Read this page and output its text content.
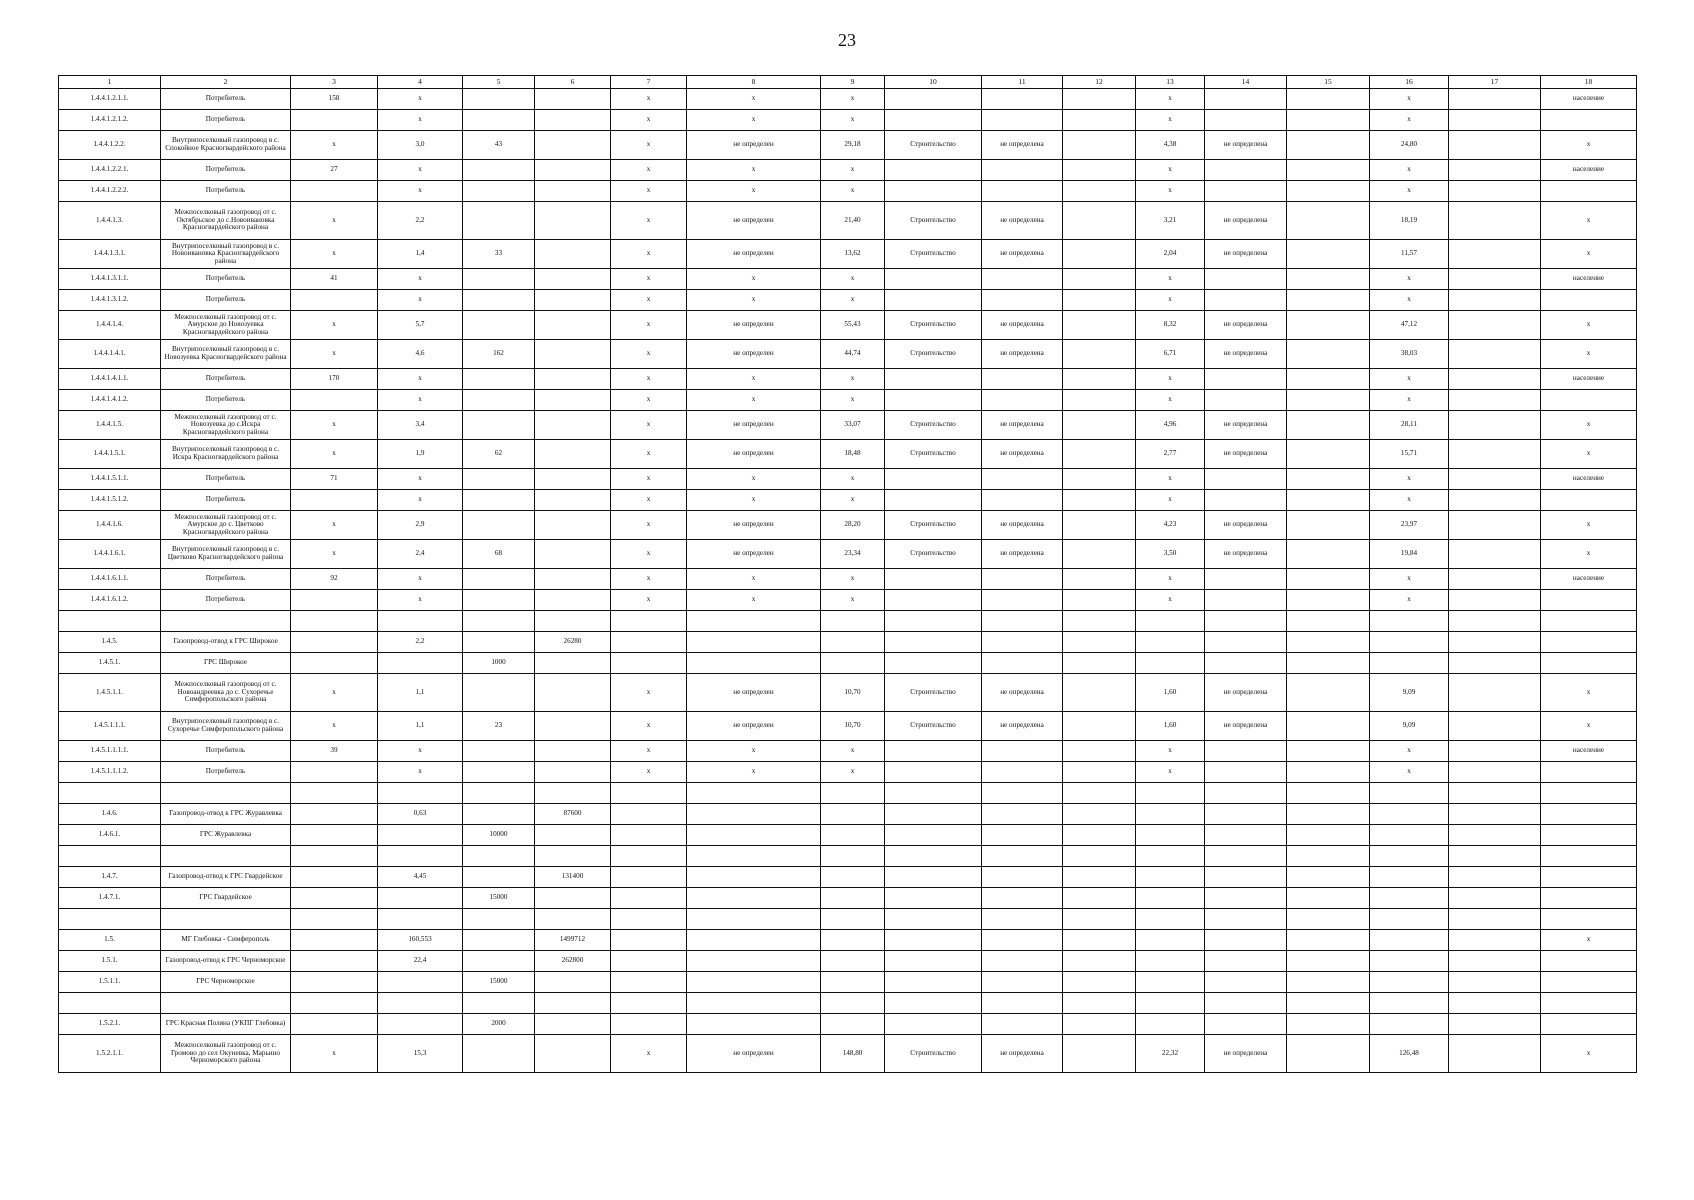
23
1	2	3	4	5	6	7	8	9	10	11	12	13	14	15	16	17	18
1.4.4.1.2.1.1.	Потребитель	158	х			х	х	х				х			х		население
1.4.4.1.2.1.2.	Потребитель		х			х	х	х				х			х		
1.4.4.1.2.2.	Внутрипоселковый газопровод в с. Спокойное Красногвардейского района	х	3,0	43		х	не определен	29,18	Строительство	не определена		4,38	не определена		24,80		х
1.4.4.1.2.2.1.	Потребитель	27	х			х	х	х				х			х		население
1.4.4.1.2.2.2.	Потребитель		х			х	х	х				х			х		
1.4.4.1.3.	Межпоселковый газопровод от с. Октябрьское до с.Новоивановка Красногвардейского района	х	2,2			х	не определен	21,40	Строительство	не определена		3,21	не определена		18,19		х
1.4.4.1.3.1.	Внутрипоселковый газопровод в с. Новоивановка Красногвардейского района	х	1,4	33		х	не определен	13,62	Строительство	не определена		2,04	не определена		11,57		х
1.4.4.1.3.1.1.	Потребитель	41	х			х	х	х				х			х		население
1.4.4.1.3.1.2.	Потребитель		х			х	х	х				х			х		
1.4.4.1.4.	Межпоселковый газопровод от с. Амурское до Новозуевка Красногвардейского района	х	5,7			х	не определен	55,43	Строительство	не определена		8,32	не определена		47,12		х
1.4.4.1.4.1.	Внутрипоселковый газопровод в с. Новозуевка Красногвардейского района	х	4,6	162		х	не определен	44,74	Строительство	не определена		6,71	не определена		38,03		х
1.4.4.1.4.1.1.	Потребитель	170	х			х	х	х				х			х		население
1.4.4.1.4.1.2.	Потребитель		х			х	х	х				х			х		
1.4.4.1.5.	Межпоселковый газопровод от с. Новозуевка до с.Искра Красногвардейского района	х	3,4			х	не определен	33,07	Строительство	не определена		4,96	не определена		28,11		х
1.4.4.1.5.1.	Внутрипоселковый газопровод в с. Искра Красногвардейского района	х	1,9	62		х	не определен	18,48	Строительство	не определена		2,77	не определена		15,71		х
1.4.4.1.5.1.1.	Потребитель	71	х			х	х	х				х			х		население
1.4.4.1.5.1.2.	Потребитель		х			х	х	х				х			х		
1.4.4.1.6.	Межпоселковый газопровод от с. Амурское до с. Цветково Красногвардейского района	х	2,9			х	не определен	28,20	Строительство	не определена		4,23	не определена		23,97		х
1.4.4.1.6.1.	Внутрипоселковый газопровод в с. Цветково Красногвардейского района	х	2,4	68		х	не определен	23,34	Строительство	не определена		3,50	не определена		19,84		х
1.4.4.1.6.1.1.	Потребитель	92	х			х	х	х				х			х		население
1.4.4.1.6.1.2.	Потребитель		х			х	х	х				х			х		

1.4.5.	Газопровод-отвод к ГРС Широкое		2,2		26280												
1.4.5.1.	ГРС Широкое			1000													
1.4.5.1.1.	Межпоселковый газопровод от с. Новоандреевка до с. Сухоречье Симферопольского района	х	1,1			х	не определен	10,70	Строительство	не определена		1,60	не определена		9,09		х
1.4.5.1.1.1.	Внутрипоселковый газопровод в с. Сухоречье Симферопольского района	х	1,1	23		х	не определен	10,70	Строительство	не определена		1,60	не определена		9,09		х
1.4.5.1.1.1.1.	Потребитель	39	х			х	х	х				х			х		население
1.4.5.1.1.1.2.	Потребитель		х			х	х	х				х			х		

1.4.6.	Газопровод-отвод к ГРС Журавлевка		0,63		87600												
1.4.6.1.	ГРС Журавлевка			10000													

1.4.7.	Газопровод-отвод к ГРС Гвардейское		4,45		131400												
1.4.7.1.	ГРС Гвардейское			15000													

1.5.	МГ Глебовка - Симферополь		160,553		1499712												х
1.5.1.	Газопровод-отвод к ГРС Черноморское		22,4		262800												
1.5.1.1.	ГРС Черноморское			15000													

1.5.2.1.	ГРС Красная Поляна (УКПГ Глебовка)			2000													
1.5.2.1.1.	Межпоселковый газопровод от с. Громово до сел Окуневка, Марьино Черноморского района	х	15,3			х	не определен	148,80	Строительство	не определена		22,32	не определена		126,48		х
